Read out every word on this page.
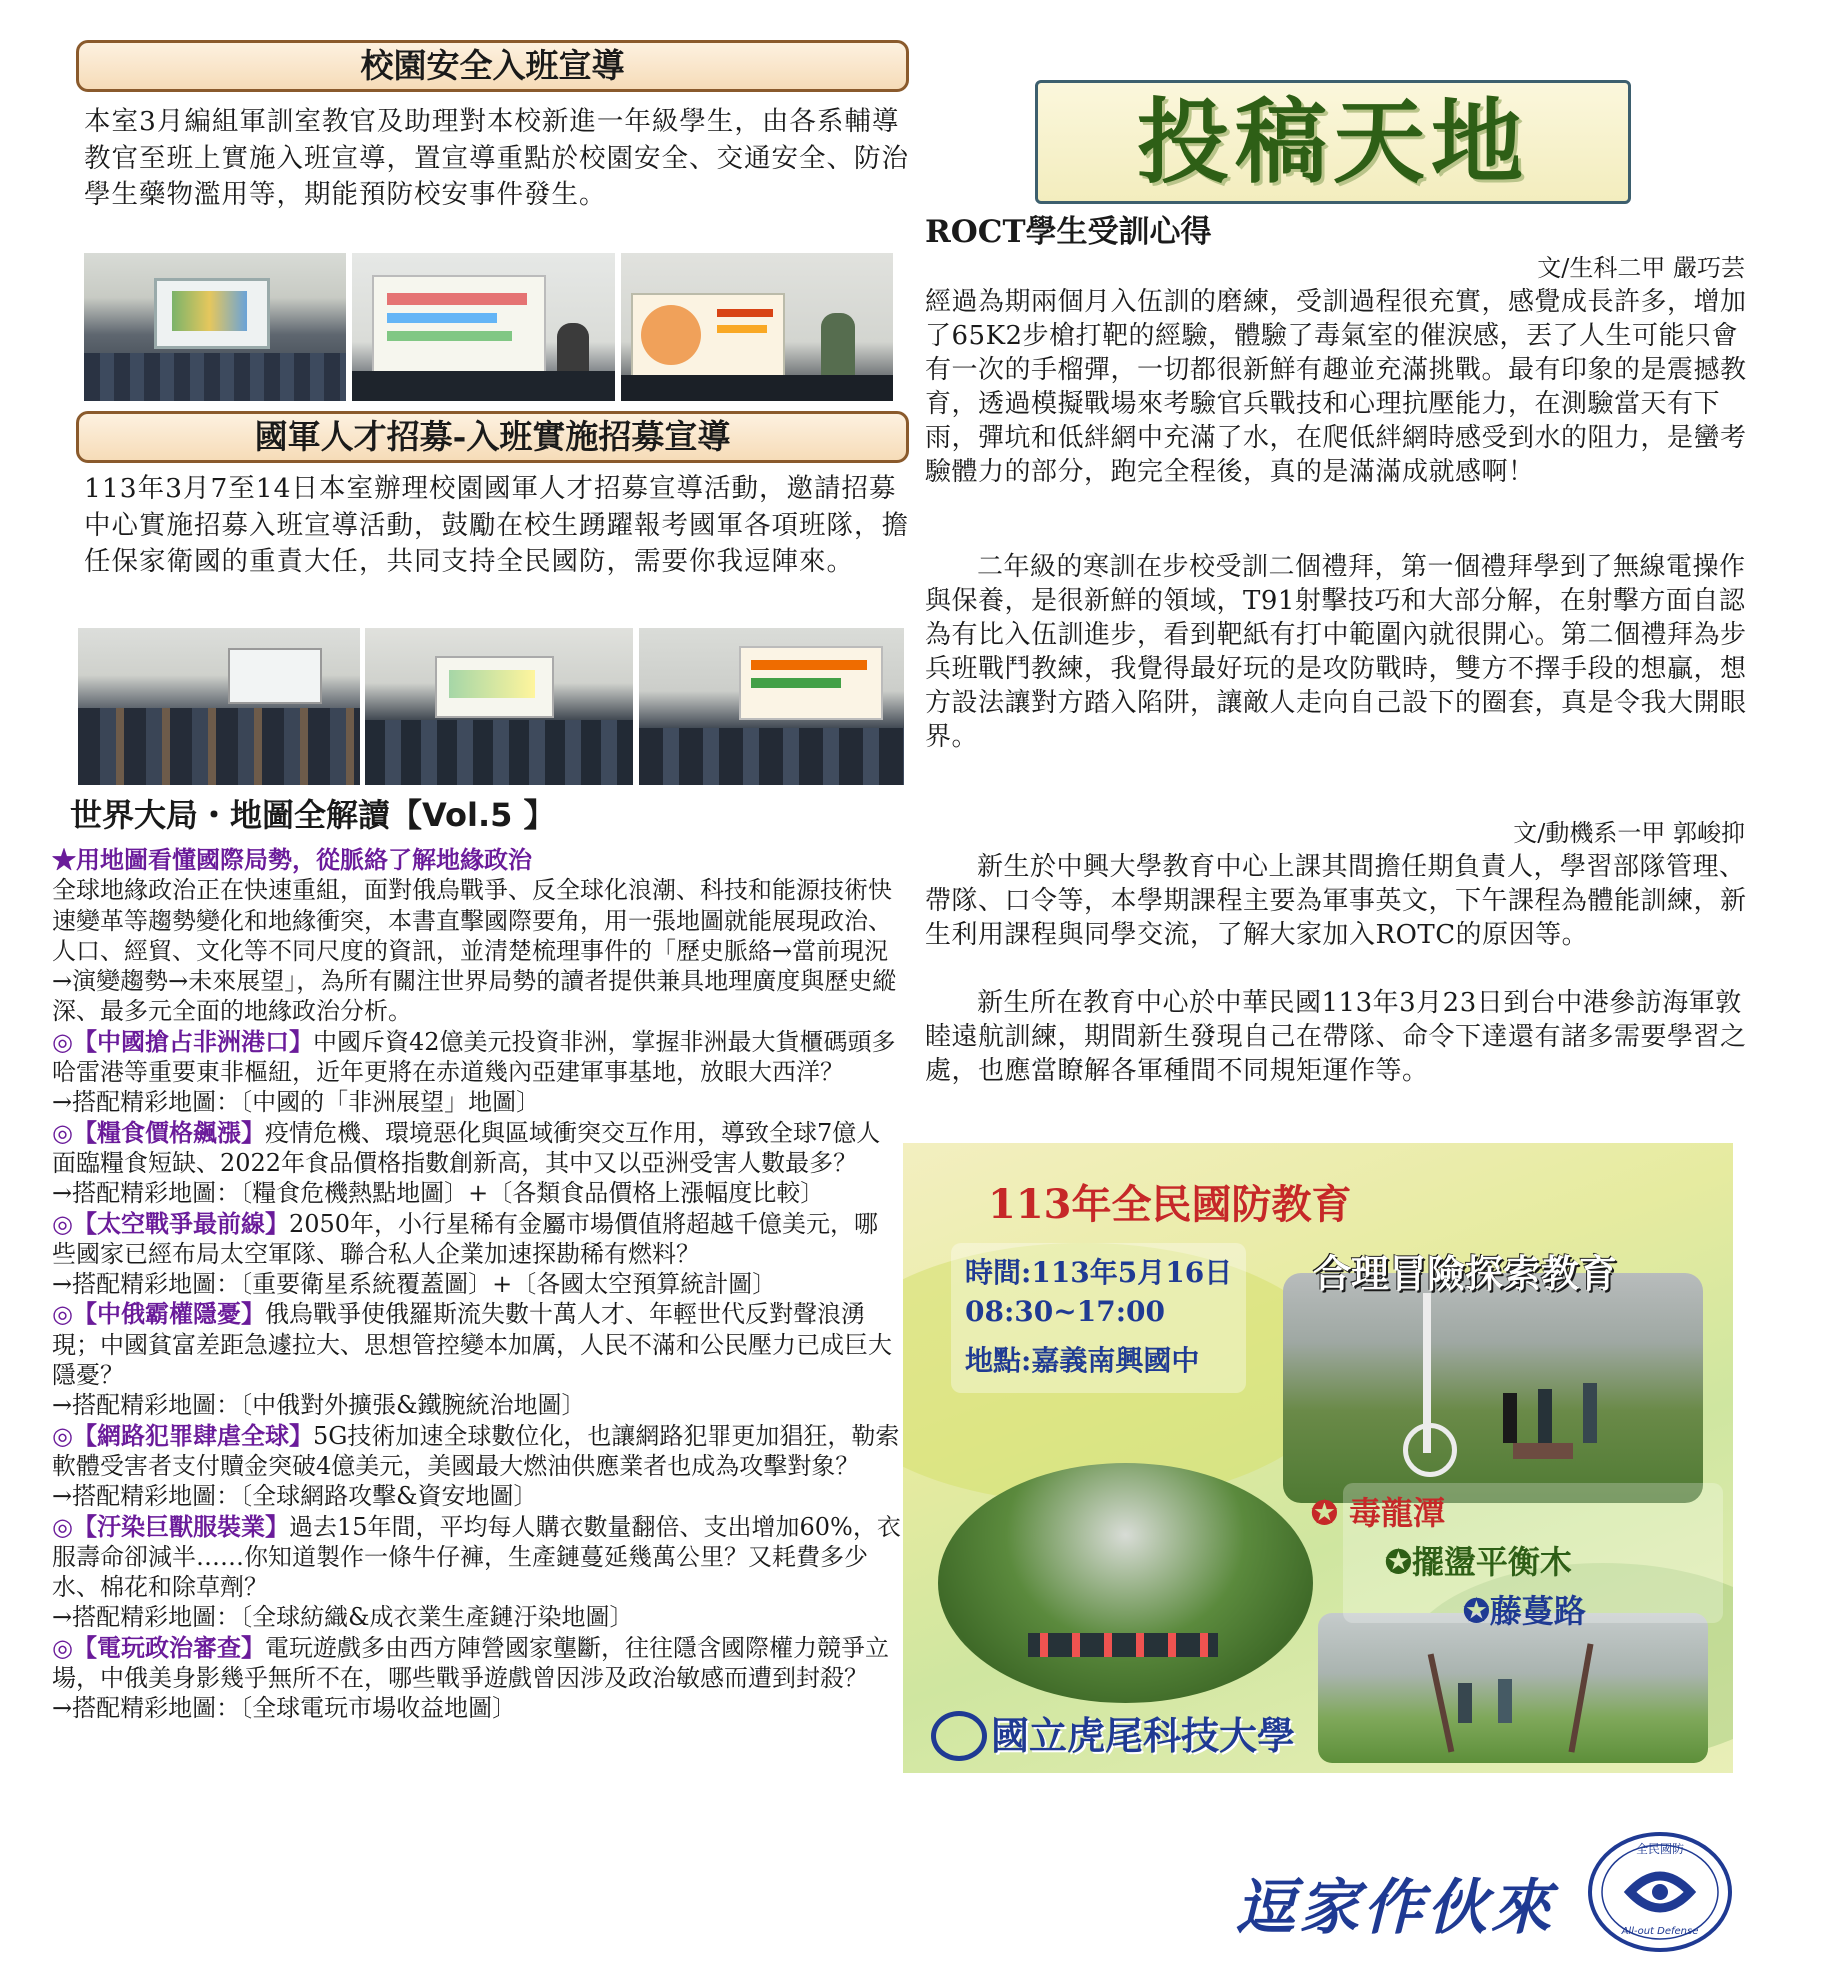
校園安全入班宣導

本室3月編組軍訓室教官及助理對本校新進一年級學生，由各系輔導教官至班上實施入班宣導，置宣導重點於校園安全、交通安全、防治學生藥物濫用等，期能預防校安事件發生。

國軍人才招募-入班實施招募宣導

113年3月7至14日本室辦理校園國軍人才招募宣導活動，邀請招募中心實施招募入班宣導活動，鼓勵在校生踴躍報考國軍各項班隊，擔任保家衛國的重責大任，共同支持全民國防，需要你我逗陣來。

世界大局・地圖全解讀【Vol.5 】
★用地圖看懂國際局勢，從脈絡了解地緣政治
全球地緣政治正在快速重組，面對俄烏戰爭、反全球化浪潮、科技和能源技術快速變革等趨勢變化和地緣衝突，本書直擊國際要角，用一張地圖就能展現政治、人口、經貿、文化等不同尺度的資訊，並清楚梳理事件的「歷史脈絡→當前現況→演變趨勢→未來展望」，為所有關注世界局勢的讀者提供兼具地理廣度與歷史縱深、最多元全面的地緣政治分析。
◎【中國搶占非洲港口】中國斥資42億美元投資非洲，掌握非洲最大貨櫃碼頭多哈雷港等重要東非樞紐，近年更將在赤道幾內亞建軍事基地，放眼大西洋？
→搭配精彩地圖：〔中國的「非洲展望」地圖〕
◎【糧食價格飆漲】疫情危機、環境惡化與區域衝突交互作用，導致全球7億人面臨糧食短缺、2022年食品價格指數創新高，其中又以亞洲受害人數最多？
→搭配精彩地圖：〔糧食危機熱點地圖〕+〔各類食品價格上漲幅度比較〕
◎【太空戰爭最前線】2050年，小行星稀有金屬市場價值將超越千億美元，哪些國家已經布局太空軍隊、聯合私人企業加速探勘稀有燃料？
→搭配精彩地圖：〔重要衛星系統覆蓋圖〕+〔各國太空預算統計圖〕
◎【中俄霸權隱憂】俄烏戰爭使俄羅斯流失數十萬人才、年輕世代反對聲浪湧現；中國貧富差距急遽拉大、思想管控變本加厲，人民不滿和公民壓力已成巨大隱憂？
→搭配精彩地圖：〔中俄對外擴張&鐵腕統治地圖〕
◎【網路犯罪肆虐全球】5G技術加速全球數位化，也讓網路犯罪更加猖狂，勒索軟體受害者支付贖金突破4億美元，美國最大燃油供應業者也成為攻擊對象？
→搭配精彩地圖：〔全球網路攻擊&資安地圖〕
◎【汙染巨獸服裝業】過去15年間，平均每人購衣數量翻倍、支出增加60%，衣服壽命卻減半……你知道製作一條牛仔褲，生產鏈蔓延幾萬公里？又耗費多少水、棉花和除草劑？
→搭配精彩地圖：〔全球紡織&成衣業生產鏈汙染地圖〕
◎【電玩政治審查】電玩遊戲多由西方陣營國家壟斷，往往隱含國際權力競爭立場，中俄美身影幾乎無所不在，哪些戰爭遊戲曾因涉及政治敏感而遭到封殺？
→搭配精彩地圖：〔全球電玩市場收益地圖〕
投稿天地
ROCT學生受訓心得
文/生科二甲 嚴巧芸
經過為期兩個月入伍訓的磨練，受訓過程很充實，感覺成長許多，增加了65K2步槍打靶的經驗，體驗了毒氣室的催淚感，丟了人生可能只會有一次的手榴彈，一切都很新鮮有趣並充滿挑戰。最有印象的是震撼教育，透過模擬戰場來考驗官兵戰技和心理抗壓能力，在測驗當天有下雨，彈坑和低絆網中充滿了水，在爬低絆網時感受到水的阻力，是蠻考驗體力的部分，跑完全程後，真的是滿滿成就感啊！
二年級的寒訓在步校受訓二個禮拜，第一個禮拜學到了無線電操作與保養，是很新鮮的領域，T91射擊技巧和大部分解，在射擊方面自認為有比入伍訓進步，看到靶紙有打中範圍內就很開心。第二個禮拜為步兵班戰鬥教練，我覺得最好玩的是攻防戰時，雙方不擇手段的想贏，想方設法讓對方踏入陷阱，讓敵人走向自己設下的圈套，真是令我大開眼界。
文/動機系一甲 郭峻抑
新生於中興大學教育中心上課其間擔任期負責人，學習部隊管理、帶隊、口令等，本學期課程主要為軍事英文，下午課程為體能訓練，新生利用課程與同學交流，了解大家加入ROTC的原因等。
新生所在教育中心於中華民國113年3月23日到台中港參訪海軍敦睦遠航訓練，期間新生發現自己在帶隊、命令下達還有諸多需要學習之處，也應當瞭解各軍種間不同規矩運作等。
113年全民國防教育
時間:113年5月16日
08:30~17:00
地點:嘉義南興國中
合理冒險探索教育
✪ 毒龍潭
✪擺盪平衡木
✪藤蔓路
國立虎尾科技大學
逗家作伙來
全民國防
All-out Defense
